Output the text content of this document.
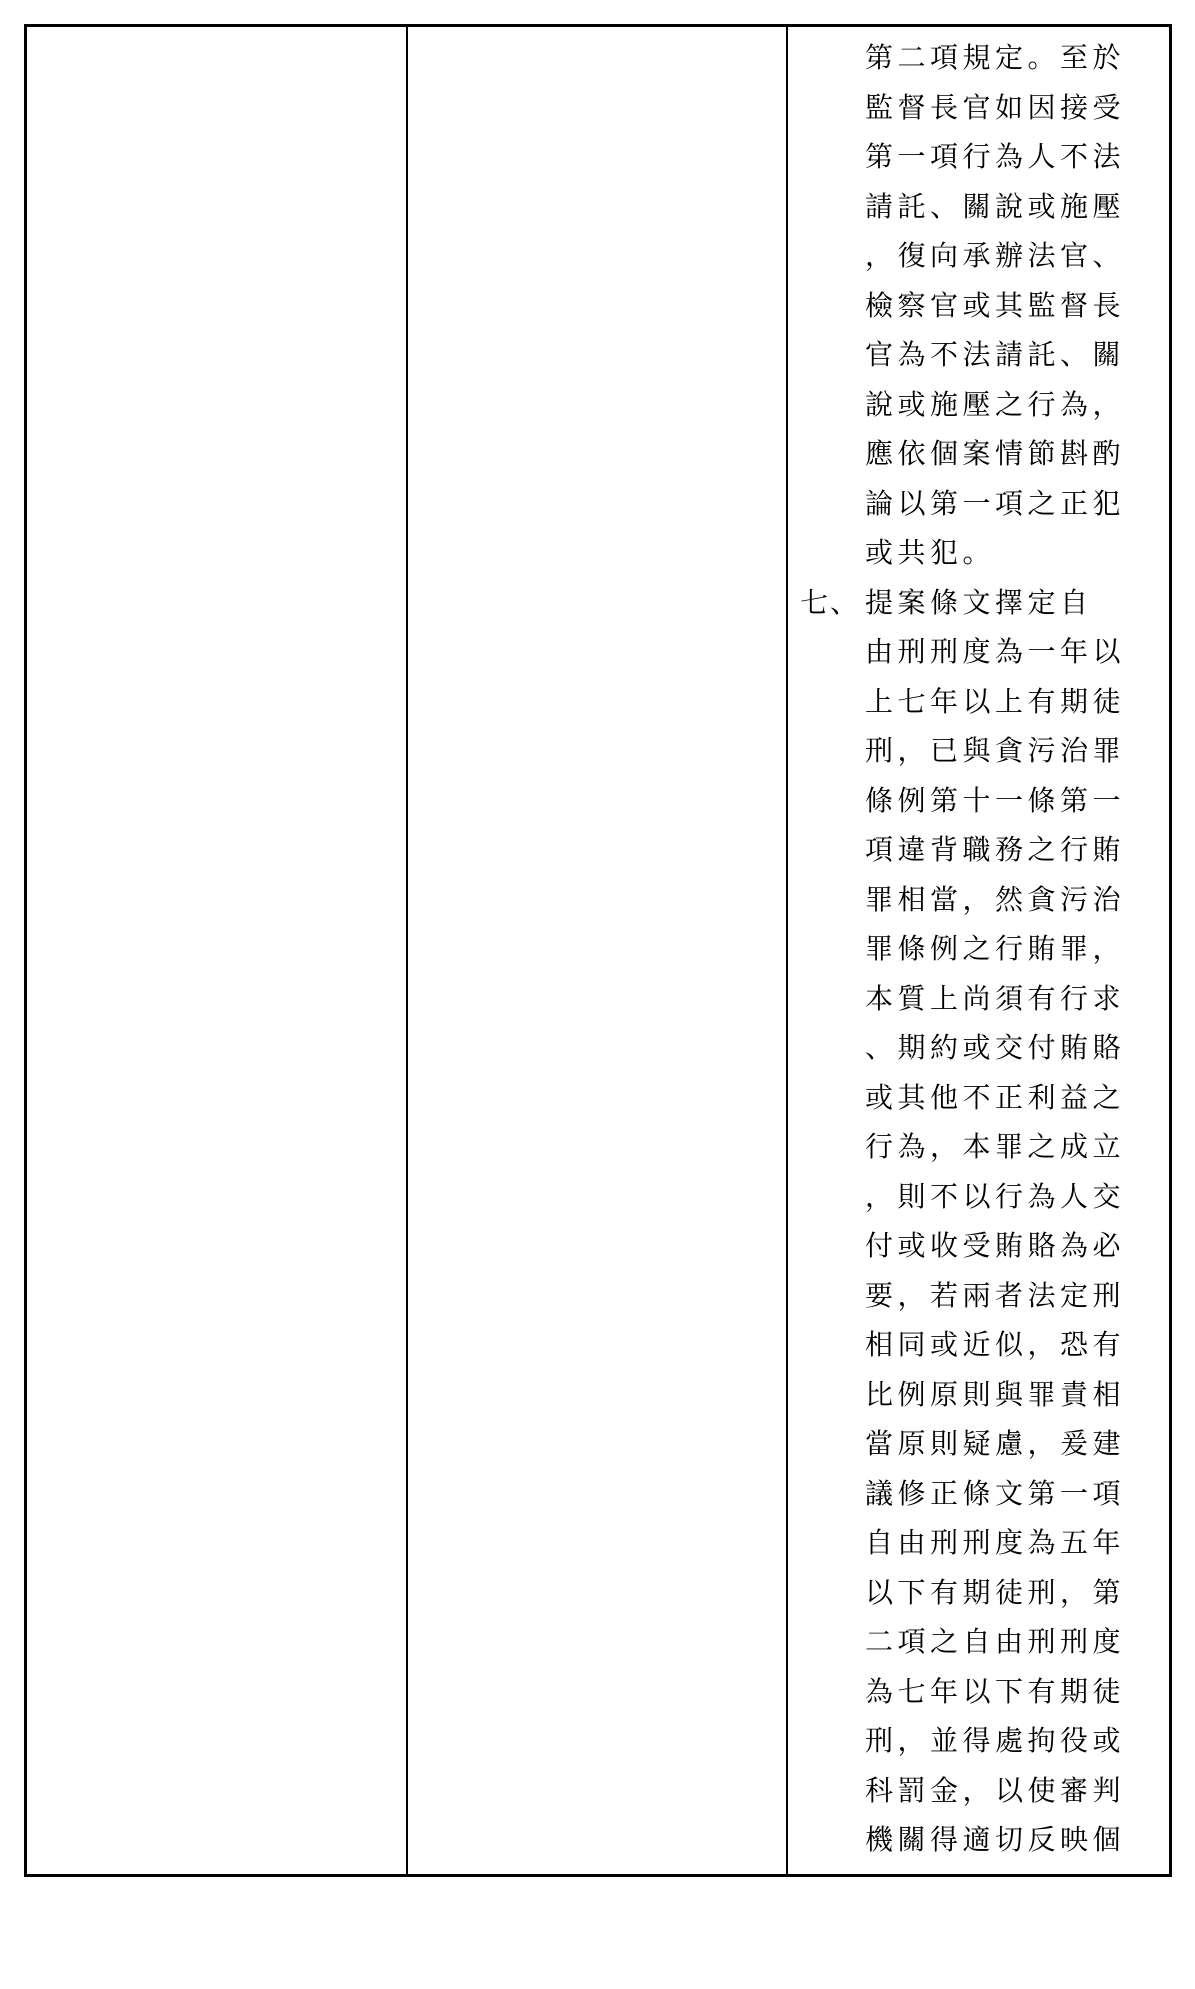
第二項規定。至於
監督長官如因接受
第一項行為人不法
請託、關說或施壓
，復向承辦法官、
檢察官或其監督長
官為不法請託、關
說或施壓之行為，
應依個案情節斟酌
論以第一項之正犯
或共犯。
七、 提案條文擇定自
由刑刑度為一年以
上七年以上有期徒
刑，已與貪污治罪
條例第十一條第一
項違背職務之行賄
罪相當，然貪污治
罪條例之行賄罪，
本質上尚須有行求
、期約或交付賄賂
或其他不正利益之
行為，本罪之成立
，則不以行為人交
付或收受賄賂為必
要，若兩者法定刑
相同或近似，恐有
比例原則與罪責相
當原則疑慮，爰建
議修正條文第一項
自由刑刑度為五年
以下有期徒刑，第
二項之自由刑刑度
為七年以下有期徒
刑，並得處拘役或
科罰金，以使審判
機關得適切反映個
